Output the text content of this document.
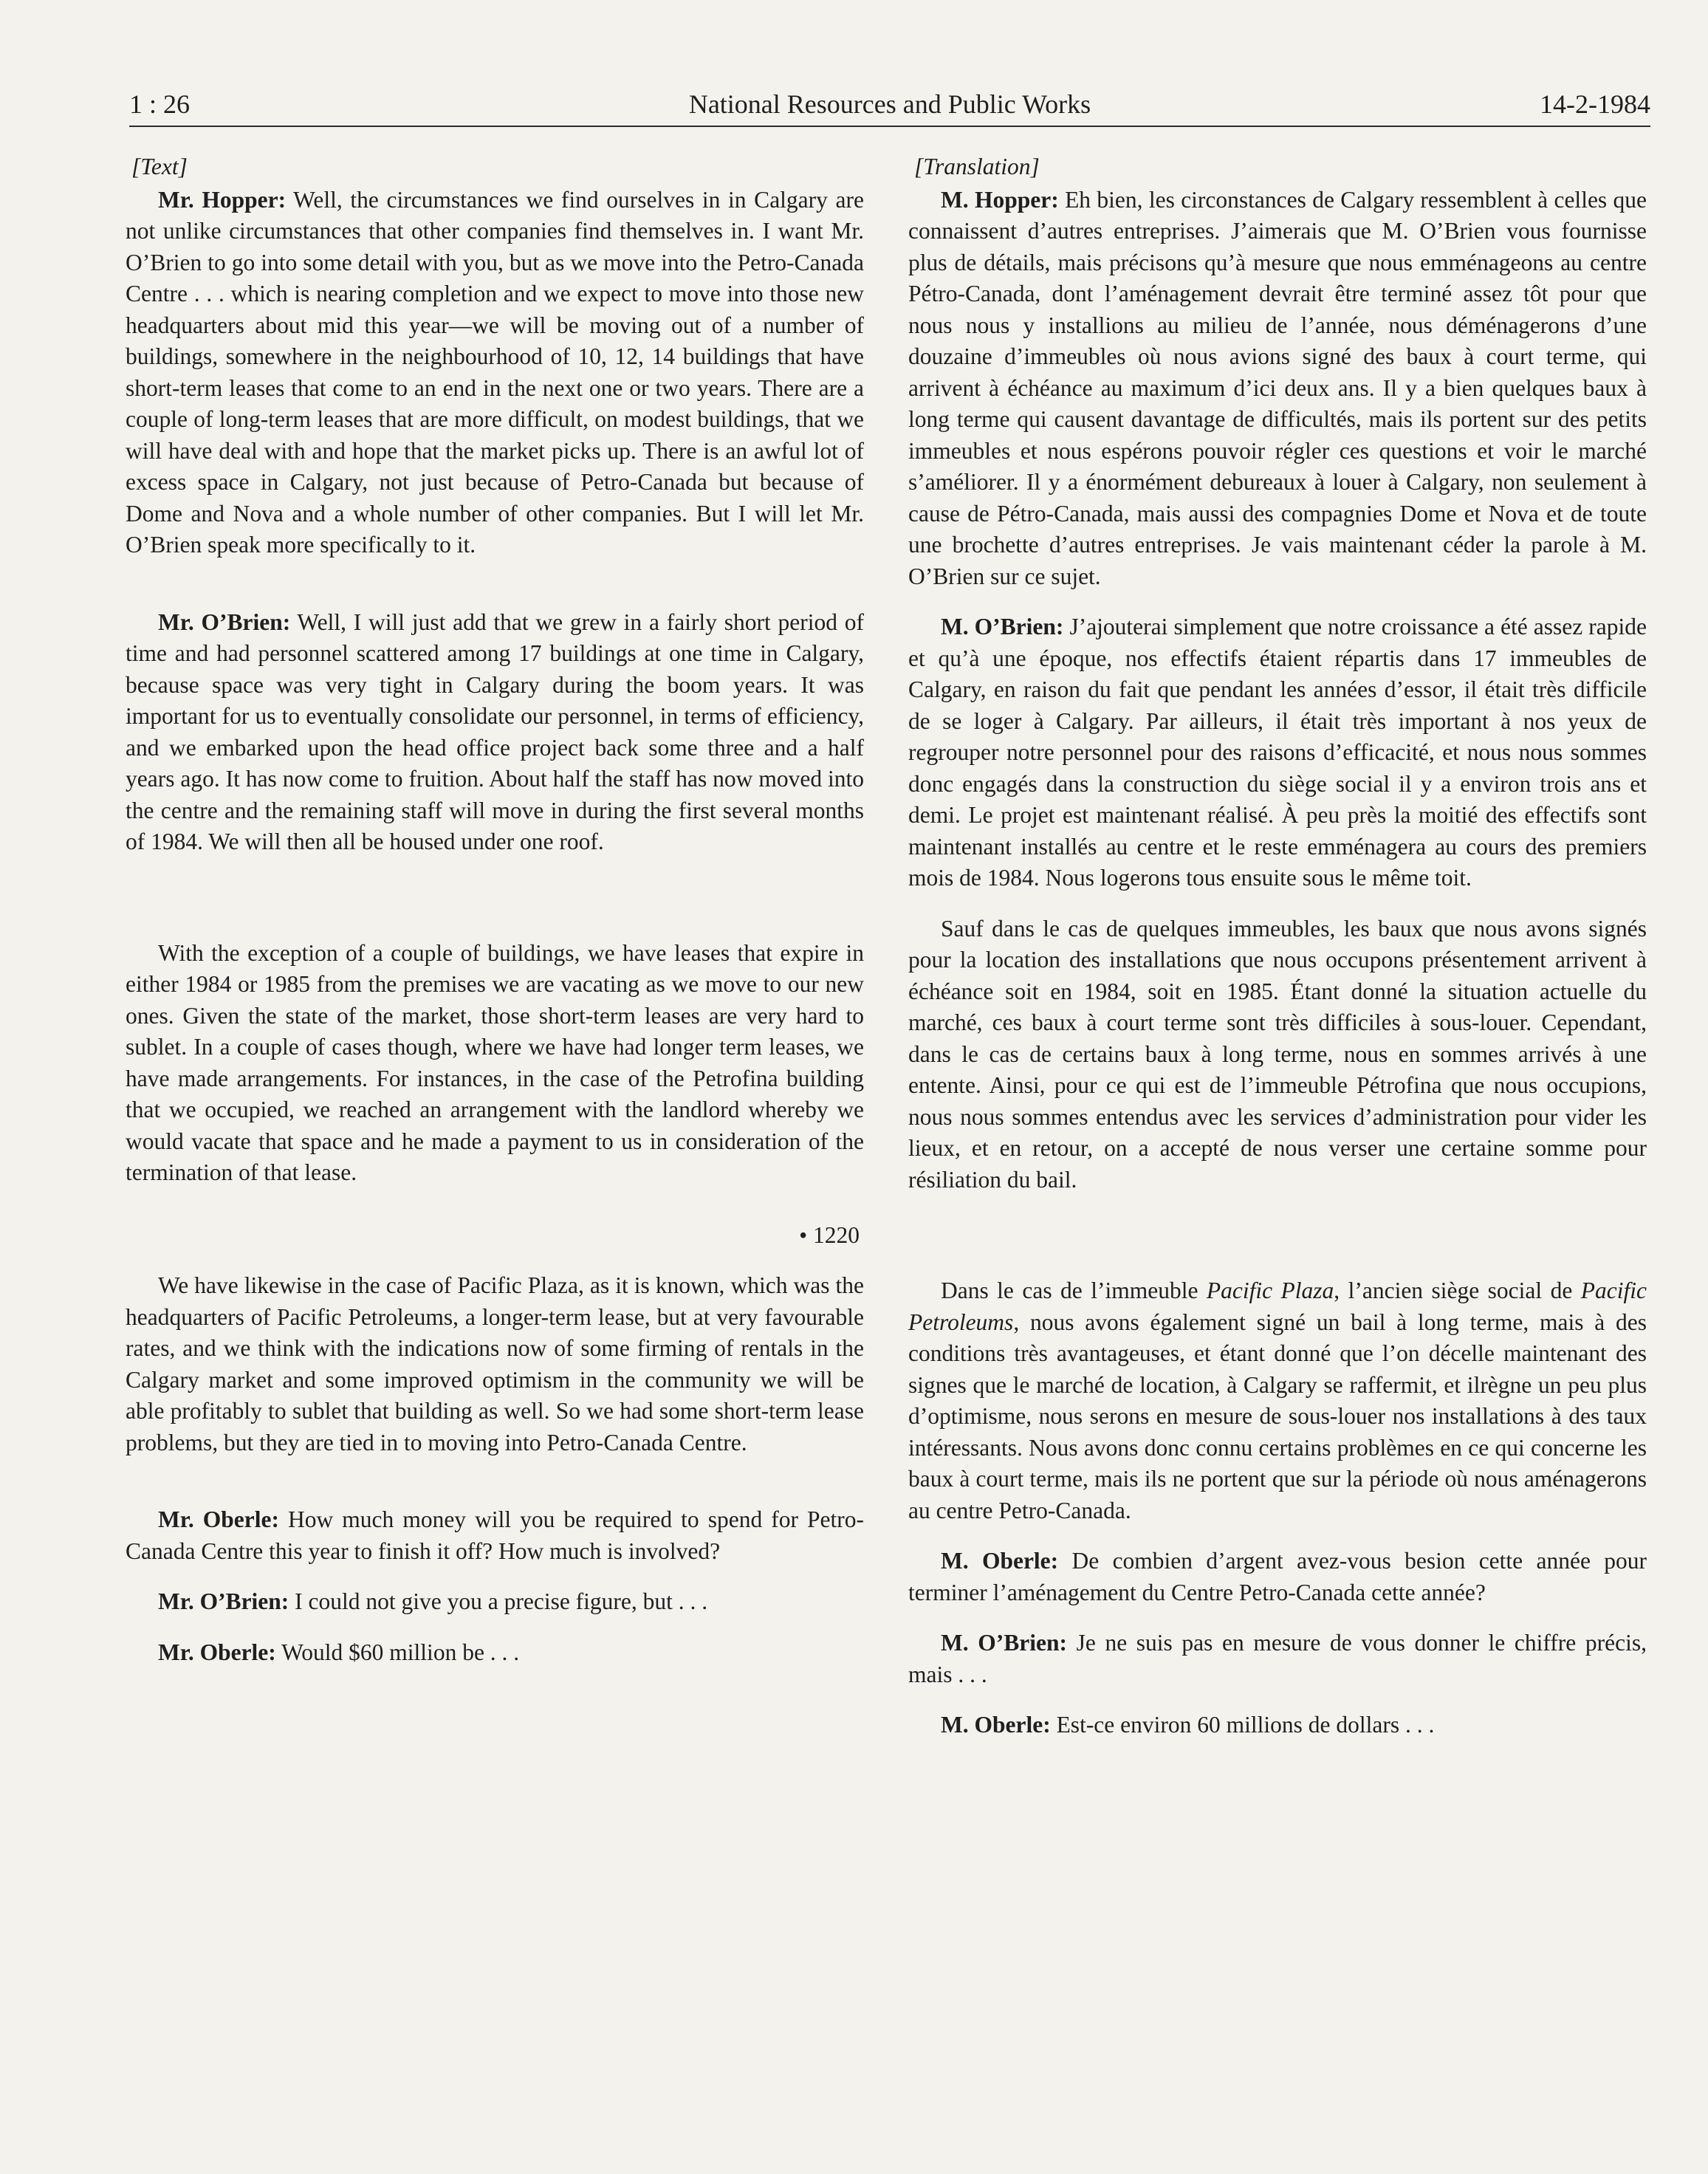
1 : 26	National Resources and Public Works	14-2-1984

[Text]

Mr. Hopper: Well, the circumstances we find ourselves in in Calgary are not unlike circumstances that other companies find themselves in. I want Mr. O’Brien to go into some detail with you, but as we move into the Petro-Canada Centre . . . which is nearing completion and we expect to move into those new headquarters about mid this year—we will be moving out of a number of buildings, somewhere in the neighbourhood of 10, 12, 14 buildings that have short-term leases that come to an end in the next one or two years. There are a couple of long-term leases that are more difficult, on modest buildings, that we will have deal with and hope that the market picks up. There is an awful lot of excess space in Calgary, not just because of Petro-Canada but because of Dome and Nova and a whole number of other companies. But I will let Mr. O’Brien speak more specifically to it.

Mr. O’Brien: Well, I will just add that we grew in a fairly short period of time and had personnel scattered among 17 buildings at one time in Calgary, because space was very tight in Calgary during the boom years. It was important for us to eventually consolidate our personnel, in terms of efficiency, and we embarked upon the head office project back some three and a half years ago. It has now come to fruition. About half the staff has now moved into the centre and the remaining staff will move in during the first several months of 1984. We will then all be housed under one roof.

With the exception of a couple of buildings, we have leases that expire in either 1984 or 1985 from the premises we are vacating as we move to our new ones. Given the state of the market, those short-term leases are very hard to sublet. In a couple of cases though, where we have had longer term leases, we have made arrangements. For instances, in the case of the Petrofina building that we occupied, we reached an arrangement with the landlord whereby we would vacate that space and he made a payment to us in consideration of the termination of that lease.

• 1220

We have likewise in the case of Pacific Plaza, as it is known, which was the headquarters of Pacific Petroleums, a longer-term lease, but at very favourable rates, and we think with the indications now of some firming of rentals in the Calgary market and some improved optimism in the community we will be able profitably to sublet that building as well. So we had some short-term lease problems, but they are tied in to moving into Petro-Canada Centre.

Mr. Oberle: How much money will you be required to spend for Petro-Canada Centre this year to finish it off? How much is involved?

Mr. O’Brien: I could not give you a precise figure, but . . .

Mr. Oberle: Would $60 million be . . .

[Translation]

M. Hopper: Eh bien, les circonstances de Calgary ressemblent à celles que connaissent d’autres entreprises. J’aimerais que M. O’Brien vous fournisse plus de détails, mais précisons qu’à mesure que nous emménageons au centre Pétro-Canada, dont l’aménagement devrait être terminé assez tôt pour que nous nous y installions au milieu de l’année, nous déménagerons d’une douzaine d’immeubles où nous avions signé des baux à court terme, qui arrivent à échéance au maximum d’ici deux ans. Il y a bien quelques baux à long terme qui causent davantage de difficultés, mais ils portent sur des petits immeubles et nous espérons pouvoir régler ces questions et voir le marché s’améliorer. Il y a énormément debureaux à louer à Calgary, non seulement à cause de Pétro-Canada, mais aussi des compagnies Dome et Nova et de toute une brochette d’autres entreprises. Je vais maintenant céder la parole à M. O’Brien sur ce sujet.

M. O’Brien: J’ajouterai simplement que notre croissance a été assez rapide et qu’à une époque, nos effectifs étaient répartis dans 17 immeubles de Calgary, en raison du fait que pendant les années d’essor, il était très difficile de se loger à Calgary. Par ailleurs, il était très important à nos yeux de regrouper notre personnel pour des raisons d’efficacité, et nous nous sommes donc engagés dans la construction du siège social il y a environ trois ans et demi. Le projet est maintenant réalisé. À peu près la moitié des effectifs sont maintenant installés au centre et le reste emménagera au cours des premiers mois de 1984. Nous logerons tous ensuite sous le même toit.

Sauf dans le cas de quelques immeubles, les baux que nous avons signés pour la location des installations que nous occupons présentement arrivent à échéance soit en 1984, soit en 1985. Étant donné la situation actuelle du marché, ces baux à court terme sont très difficiles à sous-louer. Cependant, dans le cas de certains baux à long terme, nous en sommes arrivés à une entente. Ainsi, pour ce qui est de l’immeuble Pétrofina que nous occupions, nous nous sommes entendus avec les services d’administration pour vider les lieux, et en retour, on a accepté de nous verser une certaine somme pour résiliation du bail.

Dans le cas de l’immeuble Pacific Plaza, l’ancien siège social de Pacific Petroleums, nous avons également signé un bail à long terme, mais à des conditions très avantageuses, et étant donné que l’on décelle maintenant des signes que le marché de location, à Calgary se raffermit, et ilrègne un peu plus d’optimisme, nous serons en mesure de sous-louer nos installations à des taux intéressants. Nous avons donc connu certains problèmes en ce qui concerne les baux à court terme, mais ils ne portent que sur la période où nous aménagerons au centre Petro-Canada.

M. Oberle: De combien d’argent avez-vous besion cette année pour terminer l’aménagement du Centre Petro-Canada cette année?

M. O’Brien: Je ne suis pas en mesure de vous donner le chiffre précis, mais . . .

M. Oberle: Est-ce environ 60 millions de dollars . . .
